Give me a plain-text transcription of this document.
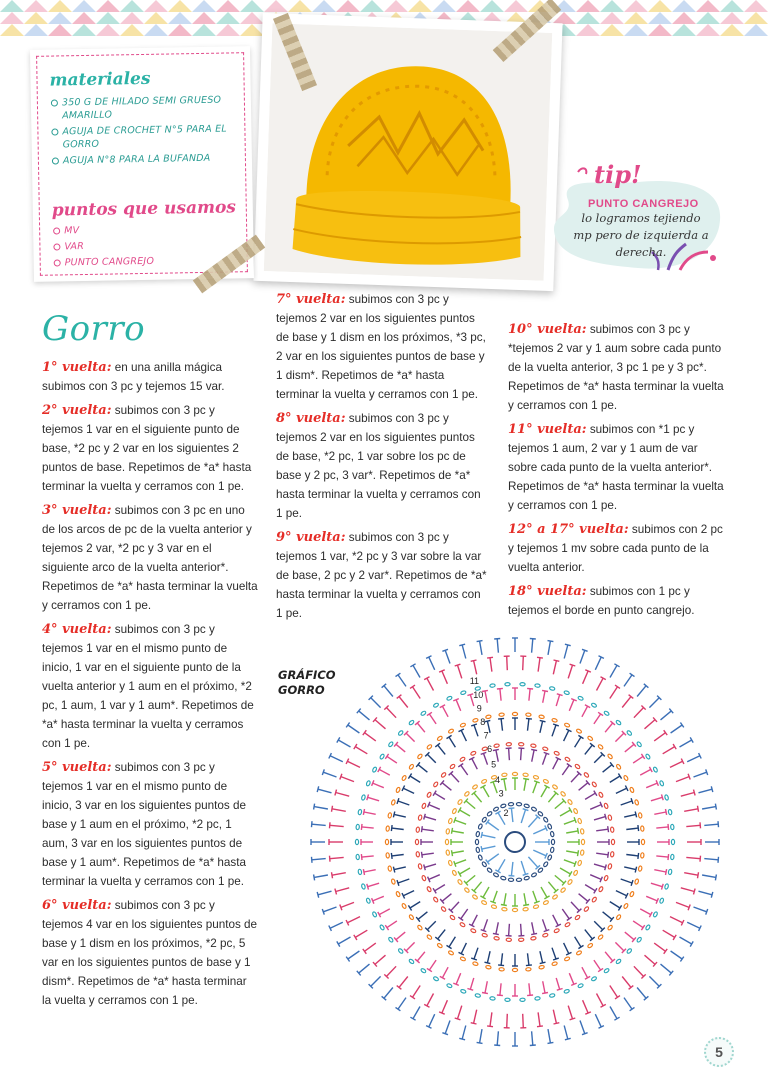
materiales
350 G DE HILADO SEMI GRUESO AMARILLO
AGUJA DE CROCHET N°5 PARA EL GORRO
AGUJA N°8 PARA LA BUFANDA
puntos que usamos
MV
VAR
PUNTO CANGREJO
tip!
PUNTO CANGREJO
lo logramos tejiendo mp pero de izquierda a derecha.
Gorro

1° vuelta: en una anilla mágica subimos con 3 pc y tejemos 15 var.

2° vuelta: subimos con 3 pc y tejemos 1 var en el siguiente punto de base, *2 pc y 2 var en los siguientes 2 puntos de base. Repetimos de *a* hasta terminar la vuelta y cerramos con 1 pe.

3° vuelta: subimos con 3 pc en uno de los arcos de pc de la vuelta anterior y tejemos 2 var, *2 pc y 3 var en el siguiente arco de la vuelta anterior*. Repetimos de *a* hasta terminar la vuelta y cerramos con 1 pe.

4° vuelta: subimos con 3 pc y tejemos 1 var en el mismo punto de inicio, 1 var en el siguiente punto de la vuelta anterior y 1 aum en el próximo, *2 pc, 1 aum, 1 var y 1 aum*. Repetimos de *a* hasta terminar la vuelta y cerramos con 1 pe.

5° vuelta: subimos con 3 pc y tejemos 1 var en el mismo punto de inicio, 3 var en los siguientes puntos de base y 1 aum en el próximo, *2 pc, 1 aum, 3 var en los siguientes puntos de base y 1 aum*. Repetimos de *a* hasta terminar la vuelta y cerramos con 1 pe.

6° vuelta: subimos con 3 pc y tejemos 4 var en los siguientes puntos de base y 1 dism en los próximos, *2 pc, 5 var en los siguientes puntos de base y 1 dism*. Repetimos de *a* hasta terminar la vuelta y cerramos con 1 pe.

7° vuelta: subimos con 3 pc y tejemos 2 var en los siguientes puntos de base y 1 dism en los próximos, *3 pc, 2 var en los siguientes puntos de base y 1 dism*. Repetimos de *a* hasta terminar la vuelta y cerramos con 1 pe.

8° vuelta: subimos con 3 pc y tejemos 2 var en los siguientes puntos de base, *2 pc, 1 var sobre los pc de base y 2 pc, 3 var*. Repetimos de *a* hasta terminar la vuelta y cerramos con 1 pe.

9° vuelta: subimos con 3 pc y tejemos 1 var, *2 pc y 3 var sobre la var de base, 2 pc y 2 var*. Repetimos de *a* hasta terminar la vuelta y cerramos con 1 pe.

10° vuelta: subimos con 3 pc y *tejemos 2 var y 1 aum sobre cada punto de la vuelta anterior, 3 pc 1 pe y 3 pc*. Repetimos de *a* hasta terminar la vuelta y cerramos con 1 pe.

11° vuelta: subimos con *1 pc y tejemos 1 aum, 2 var y 1 aum de var sobre cada punto de la vuelta anterior*. Repetimos de *a* hasta terminar la vuelta y cerramos con 1 pe.

12° a 17° vuelta: subimos con 2 pc y tejemos 1 mv sobre cada punto de la vuelta anterior.

18° vuelta: subimos con 1 pc y tejemos el borde en punto cangrejo.

GRÁFICO GORRO
2
3
4
5
6
7
8
9
10
11
5
